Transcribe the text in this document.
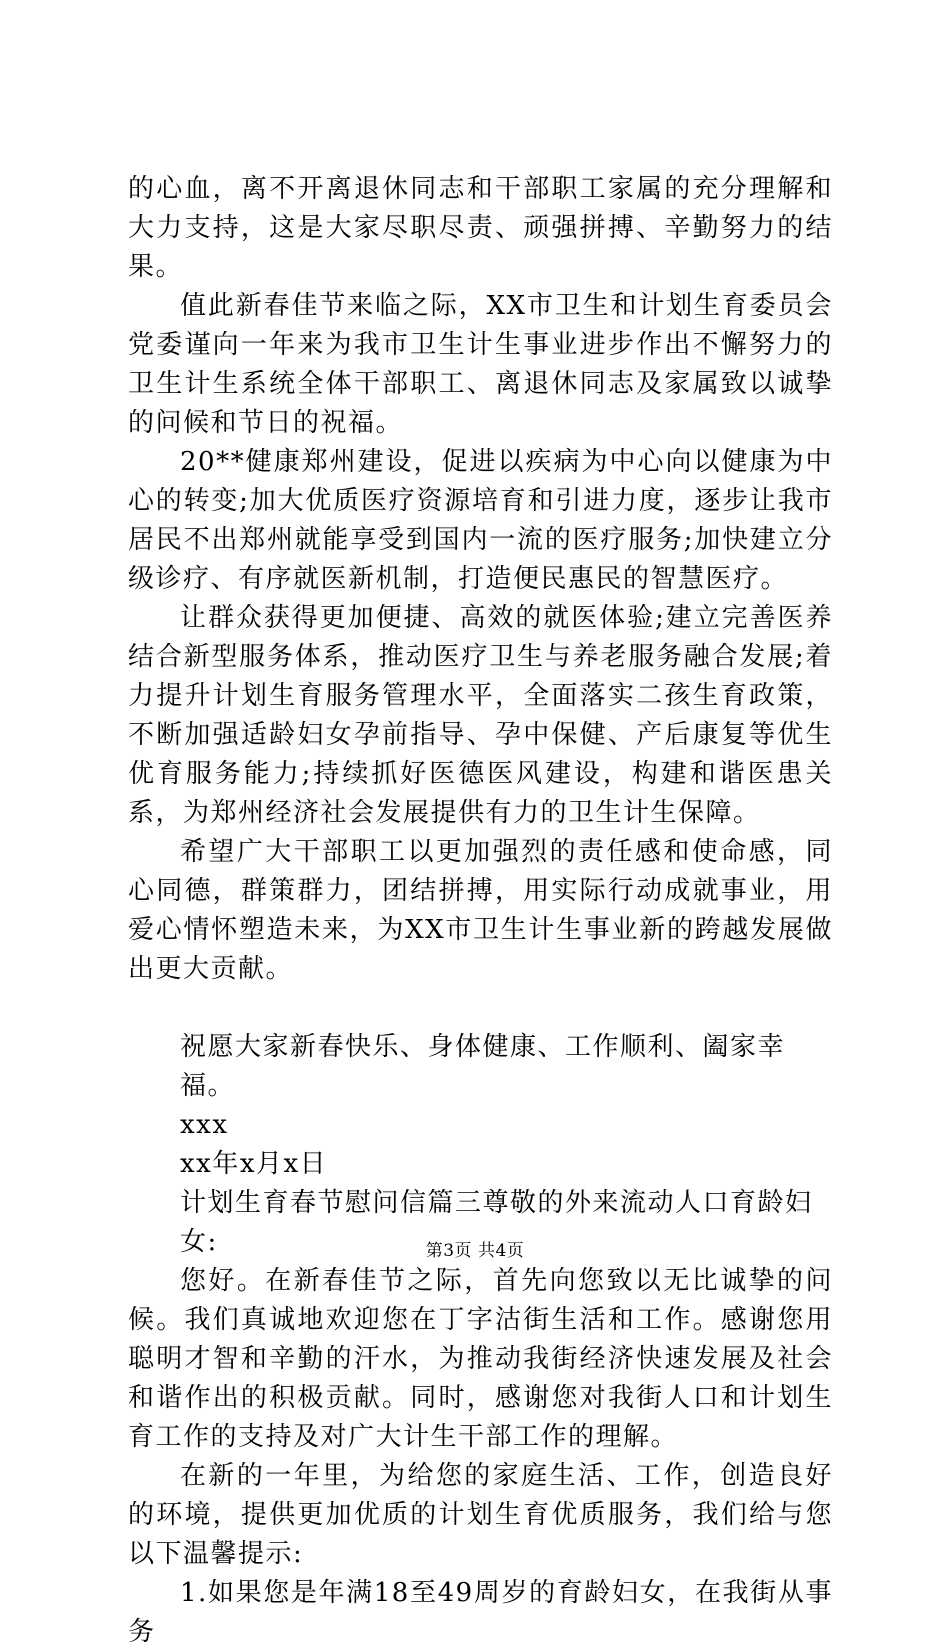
的心血，离不开离退休同志和干部职工家属的充分理解和大力支持，这是大家尽职尽责、顽强拼搏、辛勤努力的结果。

值此新春佳节来临之际，XX市卫生和计划生育委员会党委谨向一年来为我市卫生计生事业进步作出不懈努力的卫生计生系统全体干部职工、离退休同志及家属致以诚挚的问候和节日的祝福。

20**健康郑州建设，促进以疾病为中心向以健康为中心的转变;加大优质医疗资源培育和引进力度，逐步让我市居民不出郑州就能享受到国内一流的医疗服务;加快建立分级诊疗、有序就医新机制，打造便民惠民的智慧医疗。

让群众获得更加便捷、高效的就医体验;建立完善医养结合新型服务体系，推动医疗卫生与养老服务融合发展;着力提升计划生育服务管理水平，全面落实二孩生育政策，不断加强适龄妇女孕前指导、孕中保健、产后康复等优生优育服务能力;持续抓好医德医风建设，构建和谐医患关系，为郑州经济社会发展提供有力的卫生计生保障。

希望广大干部职工以更加强烈的责任感和使命感，同心同德，群策群力，团结拼搏，用实际行动成就事业，用爱心情怀塑造未来，为XX市卫生计生事业新的跨越发展做出更大贡献。

祝愿大家新春快乐、身体健康、工作顺利、阖家幸福。

xxx

xx年x月x日

计划生育春节慰问信篇三尊敬的外来流动人口育龄妇女:

您好。在新春佳节之际，首先向您致以无比诚挚的问候。我们真诚地欢迎您在丁字沽街生活和工作。感谢您用聪明才智和辛勤的汗水，为推动我街经济快速发展及社会和谐作出的积极贡献。同时，感谢您对我街人口和计划生育工作的支持及对广大计生干部工作的理解。

在新的一年里，为给您的家庭生活、工作，创造良好的环境，提供更加优质的计划生育优质服务，我们给与您以下温馨提示:

1.如果您是年满18至49周岁的育龄妇女，在我街从事务

第3页 共4页
